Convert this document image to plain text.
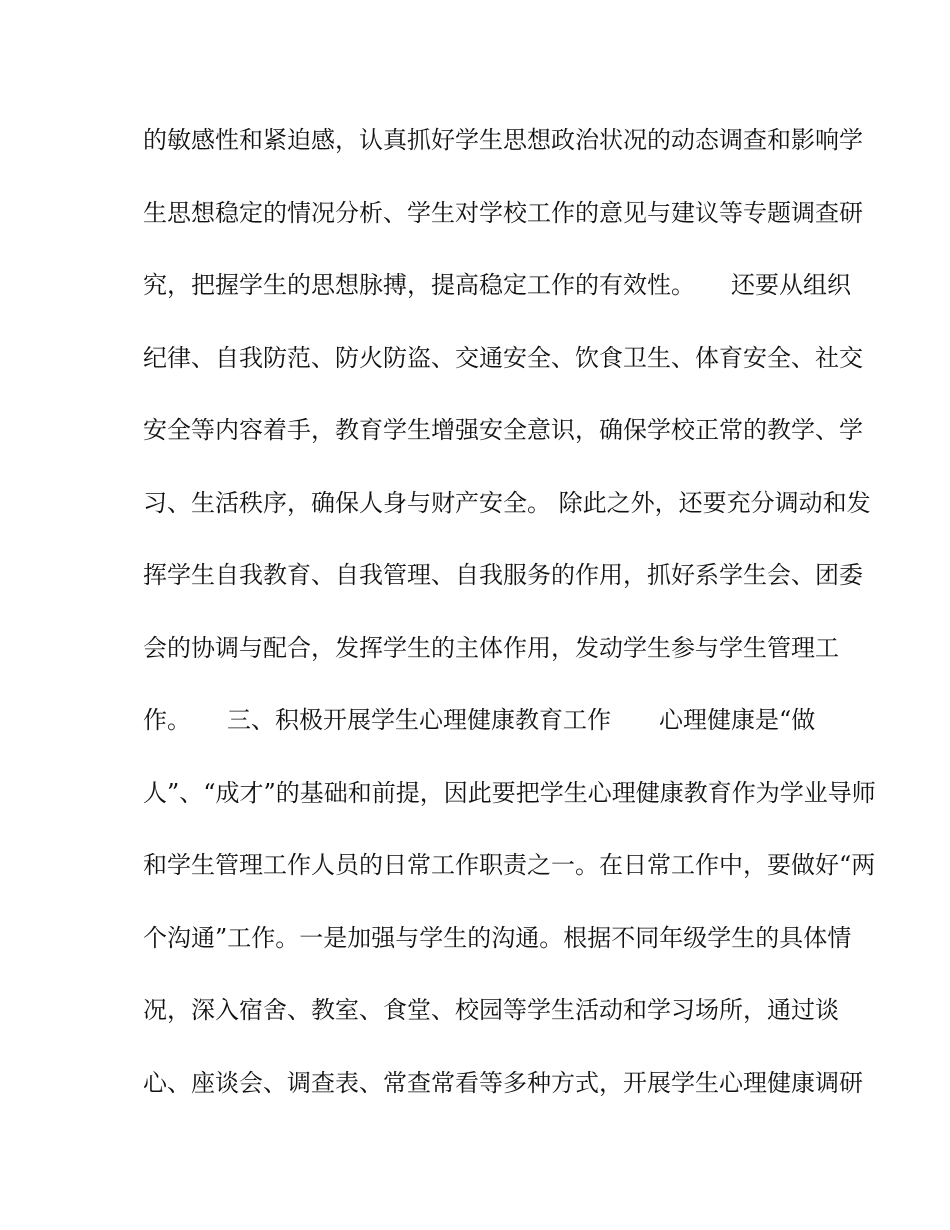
的敏感性和紧迫感，认真抓好学生思想政治状况的动态调查和影响学
生思想稳定的情况分析、学生对学校工作的意见与建议等专题调查研
究，把握学生的思想脉搏，提高稳定工作的有效性。　　还要从组织
纪律、自我防范、防火防盗、交通安全、饮食卫生、体育安全、社交
安全等内容着手，教育学生增强安全意识，确保学校正常的教学、学
习、生活秩序，确保人身与财产安全。 除此之外，还要充分调动和发
挥学生自我教育、自我管理、自我服务的作用，抓好系学生会、团委
会的协调与配合，发挥学生的主体作用，发动学生参与学生管理工
作。　　三、积极开展学生心理健康教育工作　　心理健康是“做
人”、“成才”的基础和前提，因此要把学生心理健康教育作为学业导师
和学生管理工作人员的日常工作职责之一。在日常工作中，要做好“两
个沟通”工作。一是加强与学生的沟通。根据不同年级学生的具体情
况，深入宿舍、教室、食堂、校园等学生活动和学习场所，通过谈
心、座谈会、调查表、常查常看等多种方式，开展学生心理健康调研
